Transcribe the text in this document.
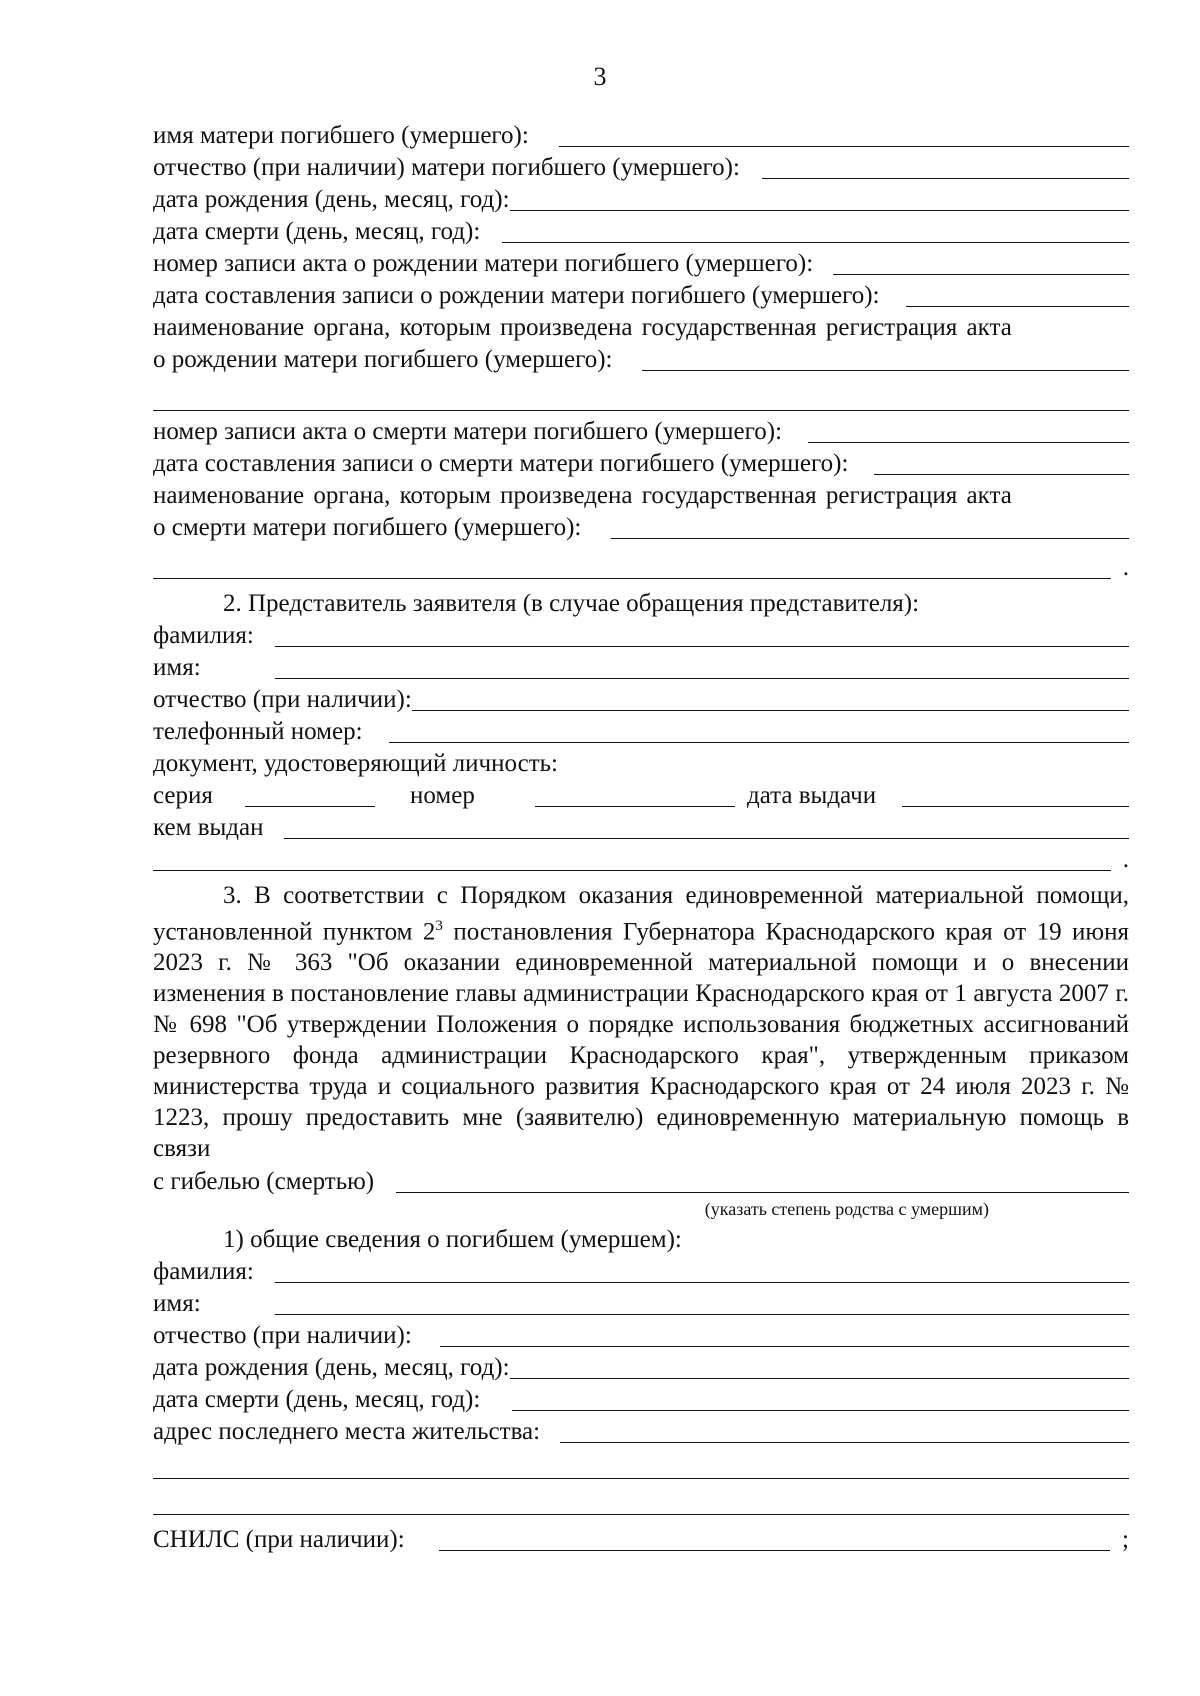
3
имя матери погибшего (умершего):
отчество (при наличии) матери погибшего (умершего):
дата рождения (день, месяц, год):
дата смерти (день, месяц, год):
номер записи акта о рождении матери погибшего (умершего):
дата составления записи о рождении матери погибшего (умершего):
наименование органа, которым произведена государственная регистрация акта
о рождении матери погибшего (умершего):
номер записи акта о смерти матери погибшего (умершего):
дата составления записи о смерти матери погибшего (умершего):
наименование органа, которым произведена государственная регистрация акта
о смерти матери погибшего (умершего):
.
2. Представитель заявителя (в случае обращения представителя):
фамилия:
имя:
отчество (при наличии):
телефонный номер:
документ, удостоверяющий личность:
серия	номер	дата выдачи
кем выдан
.
3. В соответствии с Порядком оказания единовременной материальной помощи, установленной пунктом $2^3$ постановления Губернатора Краснодарского края от 19 июня 2023 г. № 363 "Об оказании единовременной материальной помощи и о внесении изменения в постановление главы администрации Краснодарского края от 1 августа 2007 г. № 698 "Об утверждении Положения о порядке использования бюджетных ассигнований резервного фонда администрации Краснодарского края", утвержденным приказом министерства труда и социального развития Краснодарского края от 24 июля 2023 г. № 1223, прошу предоставить мне (заявителю) единовременную материальную помощь в связи
с гибелью (смертью)
(указать степень родства с умершим)
1) общие сведения о погибшем (умершем):
фамилия:
имя:
отчество (при наличии):
дата рождения (день, месяц, год):
дата смерти (день, месяц, год):
адрес последнего места жительства:
СНИЛС (при наличии):	;
